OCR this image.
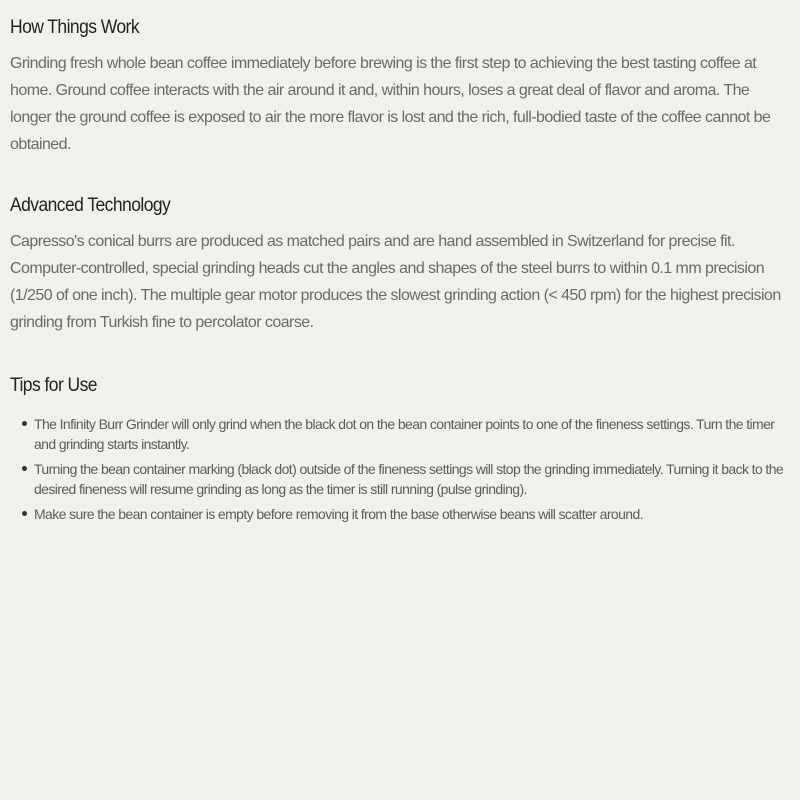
How Things Work

Grinding fresh whole bean coffee immediately before brewing is the first step to achieving the best tasting coffee at home. Ground coffee interacts with the air around it and, within hours, loses a great deal of flavor and aroma. The longer the ground coffee is exposed to air the more flavor is lost and the rich, full-bodied taste of the coffee cannot be obtained.

Advanced Technology

Capresso's conical burrs are produced as matched pairs and are hand assembled in Switzerland for precise fit. Computer-controlled, special grinding heads cut the angles and shapes of the steel burrs to within 0.1 mm precision (1/250 of one inch). The multiple gear motor produces the slowest grinding action (< 450 rpm) for the highest precision grinding from Turkish fine to percolator coarse.

Tips for Use
The Infinity Burr Grinder will only grind when the black dot on the bean container points to one of the fineness settings. Turn the timer and grinding starts instantly.
Turning the bean container marking (black dot) outside of the fineness settings will stop the grinding immediately. Turning it back to the desired fineness will resume grinding as long as the timer is still running (pulse grinding).
Make sure the bean container is empty before removing it from the base otherwise beans will scatter around.
